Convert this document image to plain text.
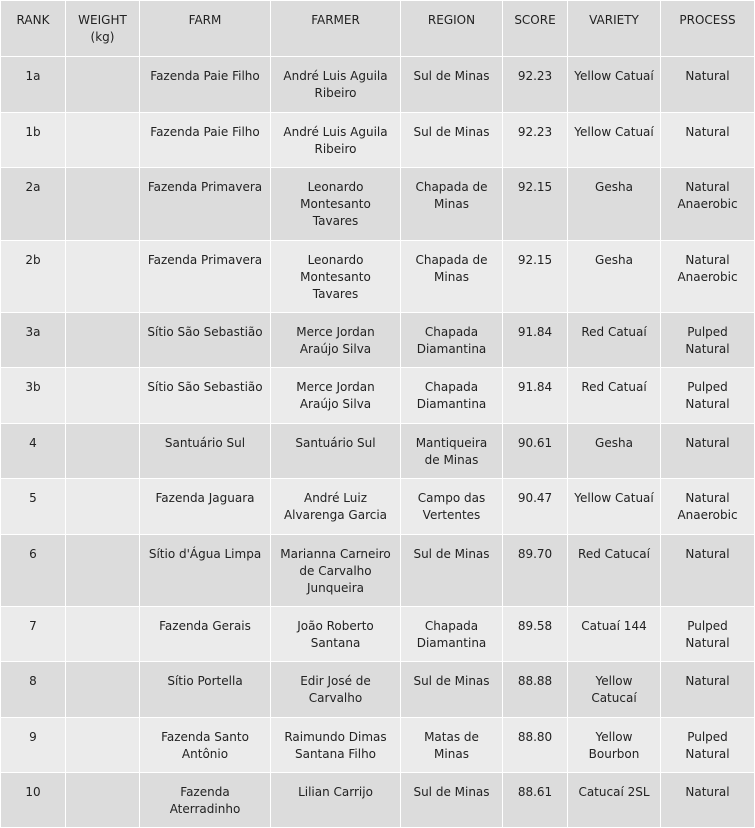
RANK	WEIGHT (kg)	FARM	FARMER	REGION	SCORE	VARIETY	PROCESS
1a		Fazenda Paie Filho	André Luis Aguila Ribeiro	Sul de Minas	92.23	Yellow Catuaí	Natural
1b		Fazenda Paie Filho	André Luis Aguila Ribeiro	Sul de Minas	92.23	Yellow Catuaí	Natural
2a		Fazenda Primavera	Leonardo Montesanto Tavares	Chapada de Minas	92.15	Gesha	Natural Anaerobic
2b		Fazenda Primavera	Leonardo Montesanto Tavares	Chapada de Minas	92.15	Gesha	Natural Anaerobic
3a		Sítio São Sebastião	Merce Jordan Araújo Silva	Chapada Diamantina	91.84	Red Catuaí	Pulped Natural
3b		Sítio São Sebastião	Merce Jordan Araújo Silva	Chapada Diamantina	91.84	Red Catuaí	Pulped Natural
4		Santuário Sul	Santuário Sul	Mantiqueira de Minas	90.61	Gesha	Natural
5		Fazenda Jaguara	André Luiz Alvarenga Garcia	Campo das Vertentes	90.47	Yellow Catuaí	Natural Anaerobic
6		Sítio d'Água Limpa	Marianna Carneiro de Carvalho Junqueira	Sul de Minas	89.70	Red Catucaí	Natural
7		Fazenda Gerais	João Roberto Santana	Chapada Diamantina	89.58	Catuaí 144	Pulped Natural
8		Sítio Portella	Edir José de Carvalho	Sul de Minas	88.88	Yellow Catucaí	Natural
9		Fazenda Santo Antônio	Raimundo Dimas Santana Filho	Matas de Minas	88.80	Yellow Bourbon	Pulped Natural
10		Fazenda Aterradinho	Lilian Carrijo	Sul de Minas	88.61	Catucaí 2SL	Natural
